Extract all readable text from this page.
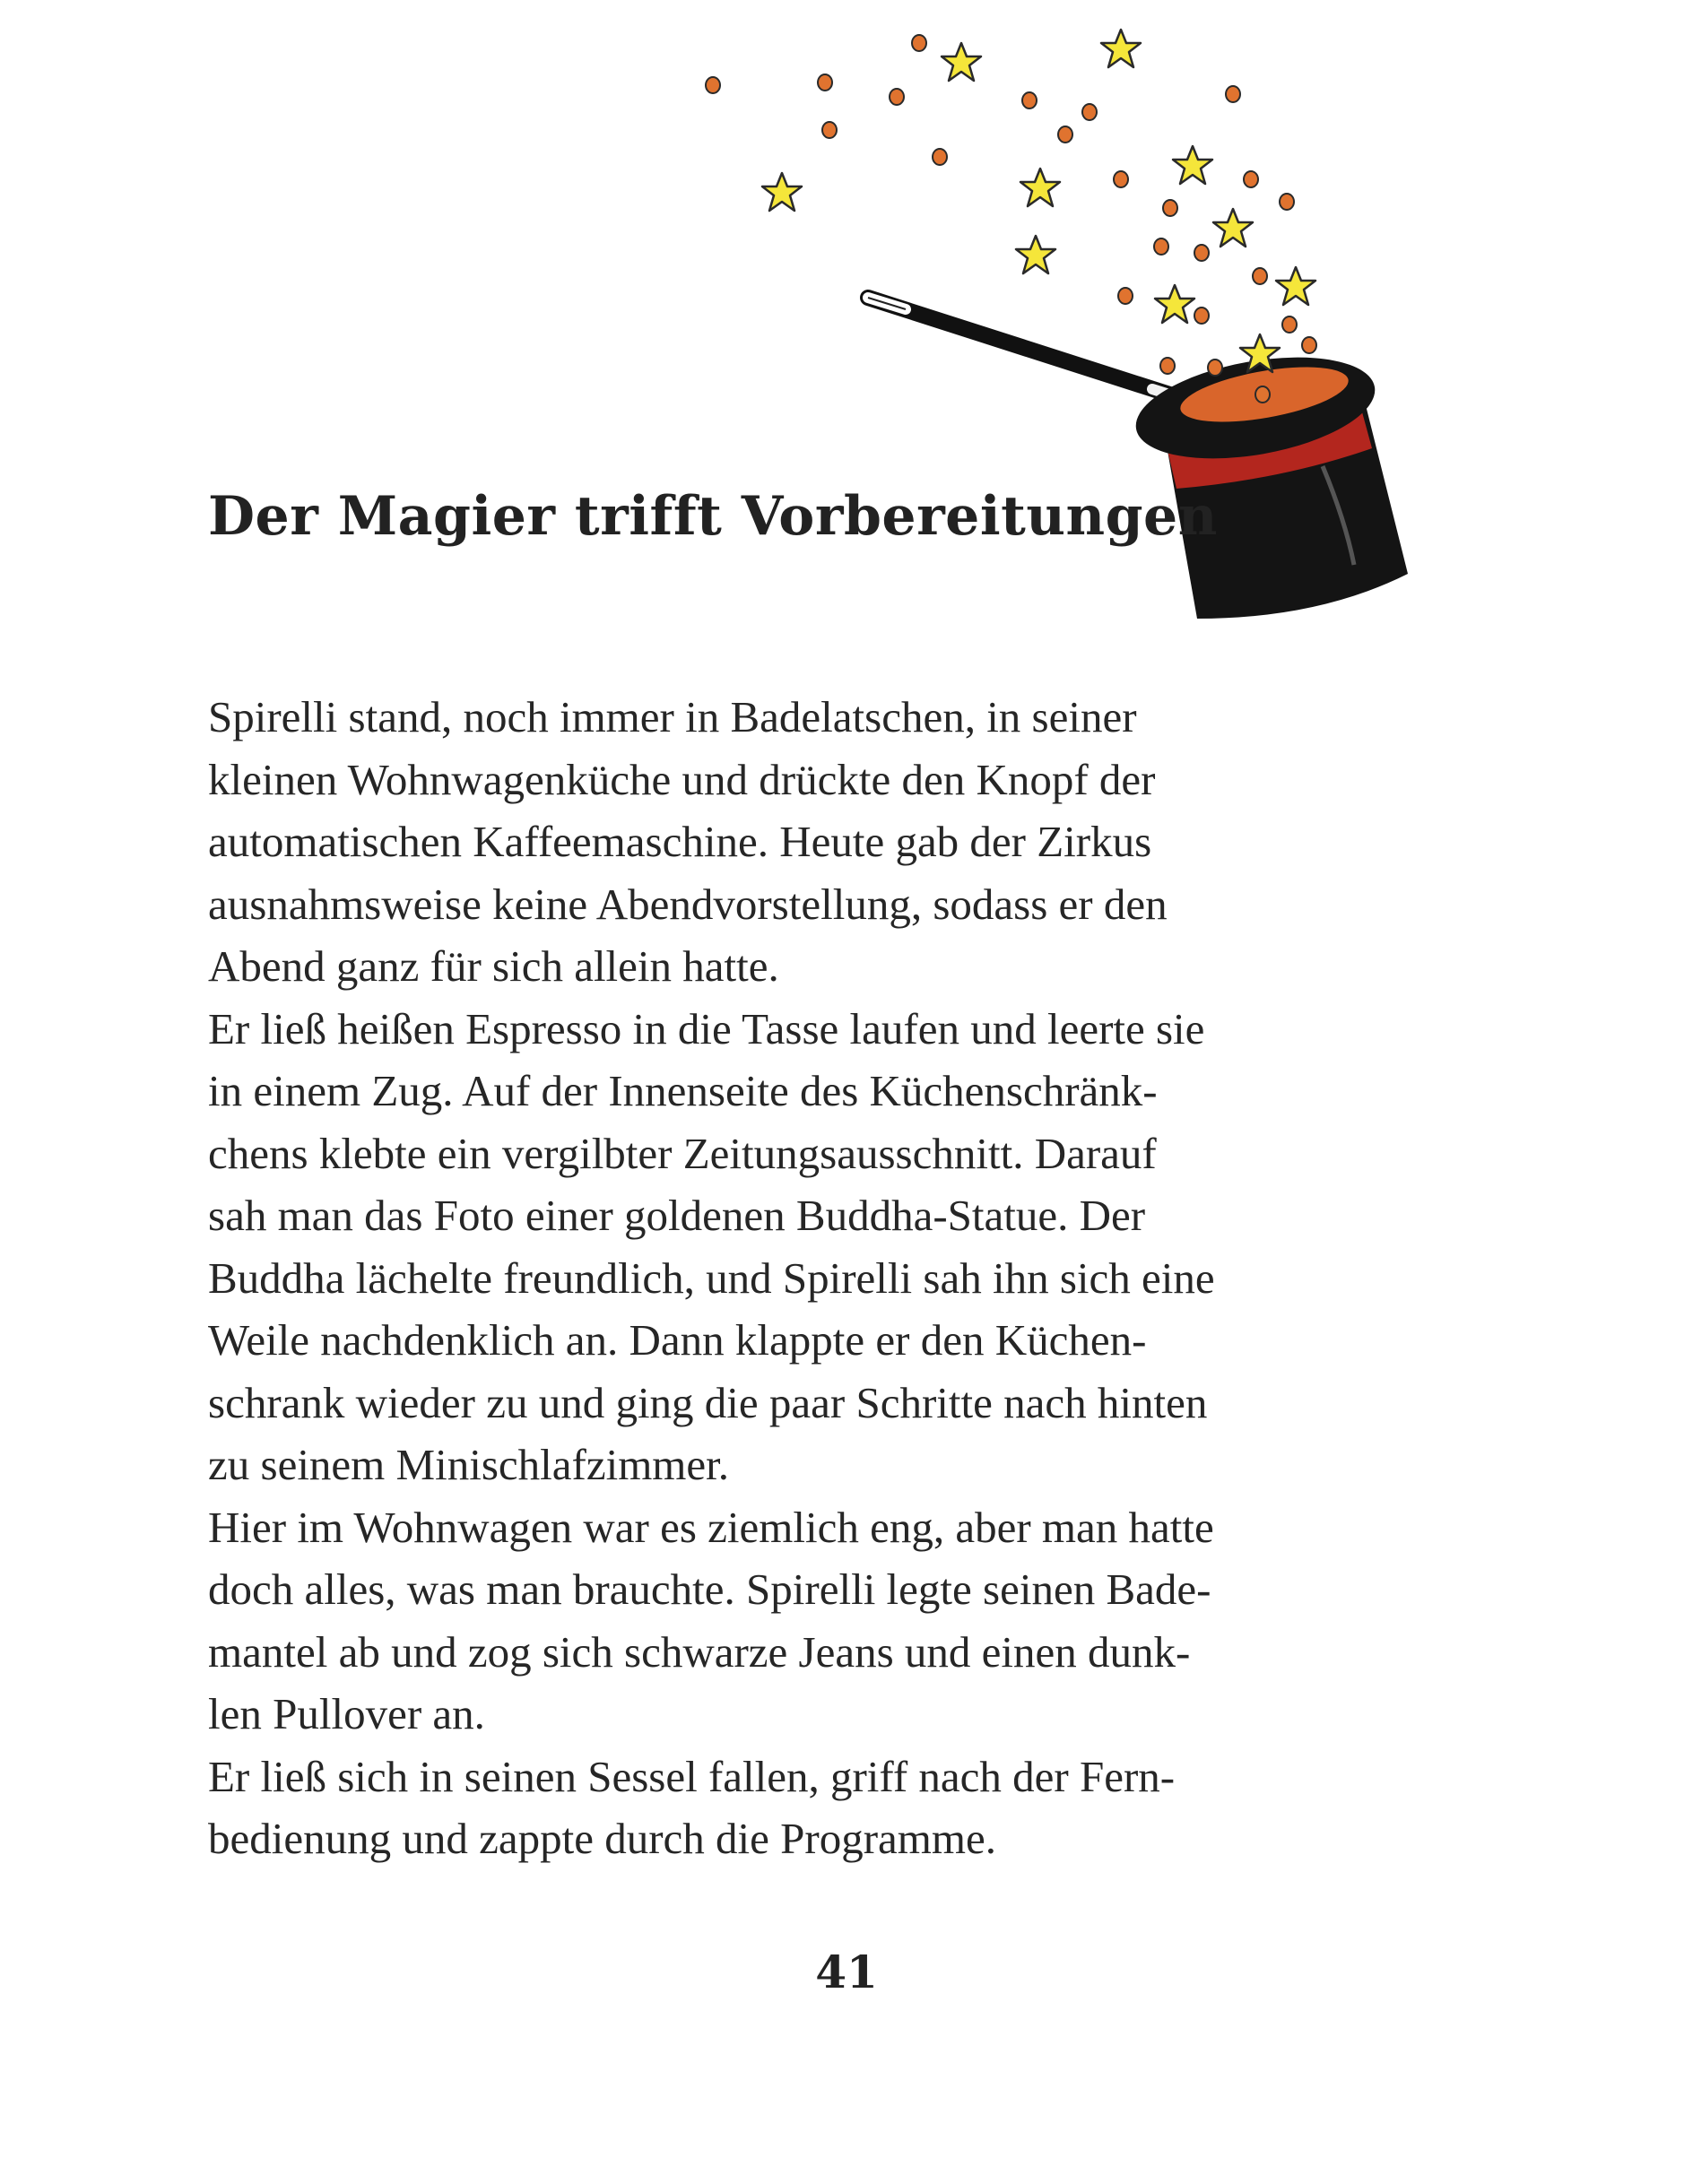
Der Magier trifft Vorbereitungen
Spirelli stand, noch immer in Badelatschen, in seiner
kleinen Wohnwagenküche und drückte den Knopf der
automatischen Kaffeemaschine. Heute gab der Zirkus
ausnahmsweise keine Abendvorstellung, sodass er den
Abend ganz für sich allein hatte.
Er ließ heißen Espresso in die Tasse laufen und leerte sie
in einem Zug. Auf der Innenseite des Küchenschränk-
chens klebte ein vergilbter Zeitungsausschnitt. Darauf
sah man das Foto einer goldenen Buddha-Statue. Der
Buddha lächelte freundlich, und Spirelli sah ihn sich eine
Weile nachdenklich an. Dann klappte er den Küchen-
schrank wieder zu und ging die paar Schritte nach hinten
zu seinem Minischlafzimmer.
Hier im Wohnwagen war es ziemlich eng, aber man hatte
doch alles, was man brauchte. Spirelli legte seinen Bade-
mantel ab und zog sich schwarze Jeans und einen dunk-
len Pullover an.
Er ließ sich in seinen Sessel fallen, griff nach der Fern-
bedienung und zappte durch die Programme.
41
